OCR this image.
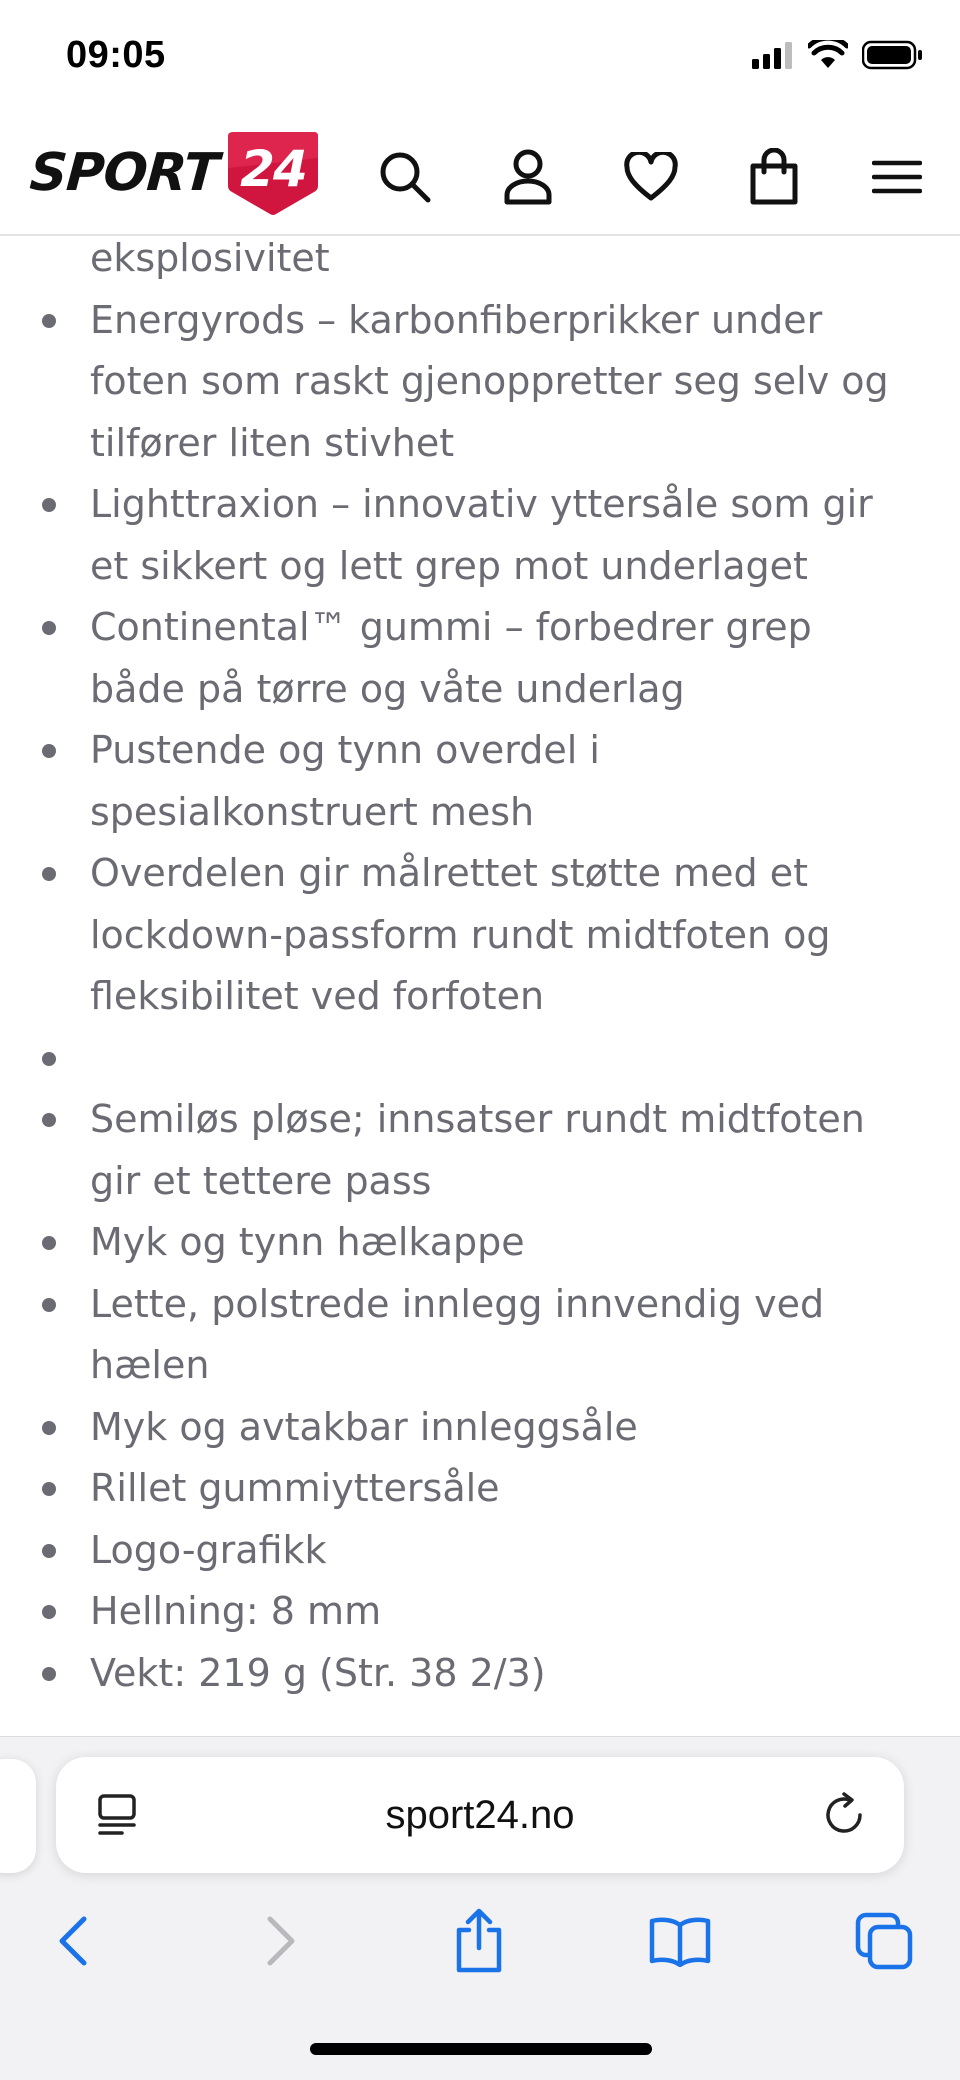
09:05
SPORT 24
eksplosivitet
Energyrods – karbonfiberprikker under foten som raskt gjenoppretter seg selv og tilfører liten stivhet
Lighttraxion – innovativ yttersåle som gir et sikkert og lett grep mot underlaget
Continental™ gummi – forbedrer grep både på tørre og våte underlag
Pustende og tynn overdel i spesialkonstruert mesh
Overdelen gir målrettet støtte med et lockdown-passform rundt midtfoten og fleksibilitet ved forfoten
Semiløs pløse; innsatser rundt midtfoten gir et tettere pass
Myk og tynn hælkappe
Lette, polstrede innlegg innvendig ved hælen
Myk og avtakbar innleggsåle
Rillet gummiyttersåle
Logo-grafikk
Hellning: 8 mm
Vekt: 219 g (Str. 38 2/3)
sport24.no
